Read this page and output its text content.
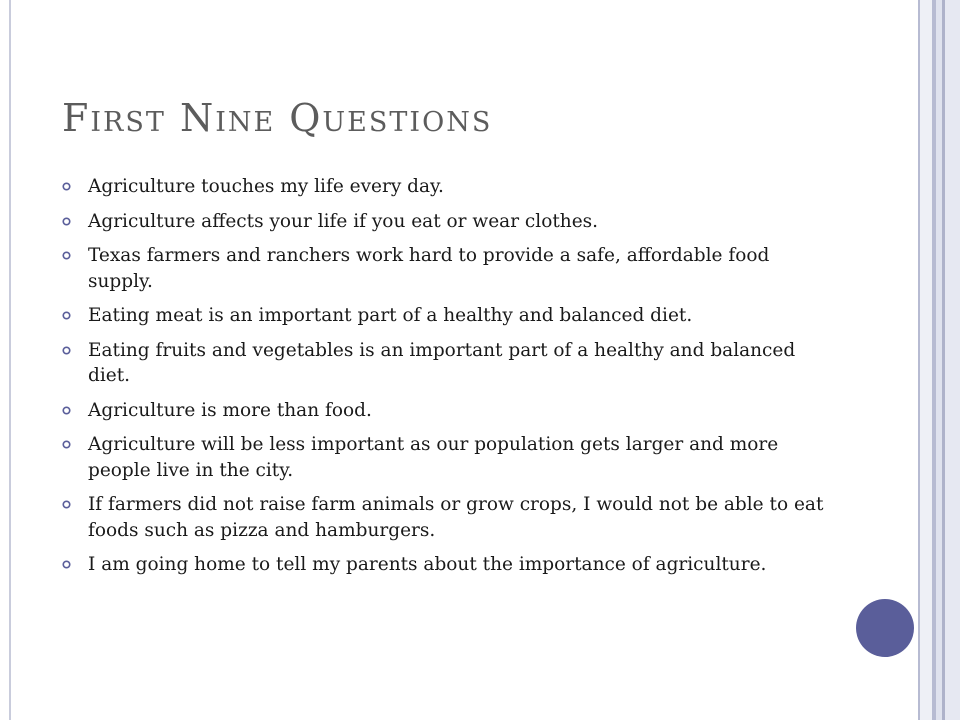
First Nine Questions
Agriculture touches my life every day.
Agriculture affects your life if you eat or wear clothes.
Texas farmers and ranchers work hard to provide a safe, affordable food supply.
Eating meat is an important part of a healthy and balanced diet.
Eating fruits and vegetables is an important part of a healthy and balanced diet.
Agriculture is more than food.
Agriculture will be less important as our population gets larger and more people live in the city.
If farmers did not raise farm animals or grow crops, I would not be able to eat foods such as pizza and hamburgers.
I am going home to tell my parents about the importance of agriculture.
